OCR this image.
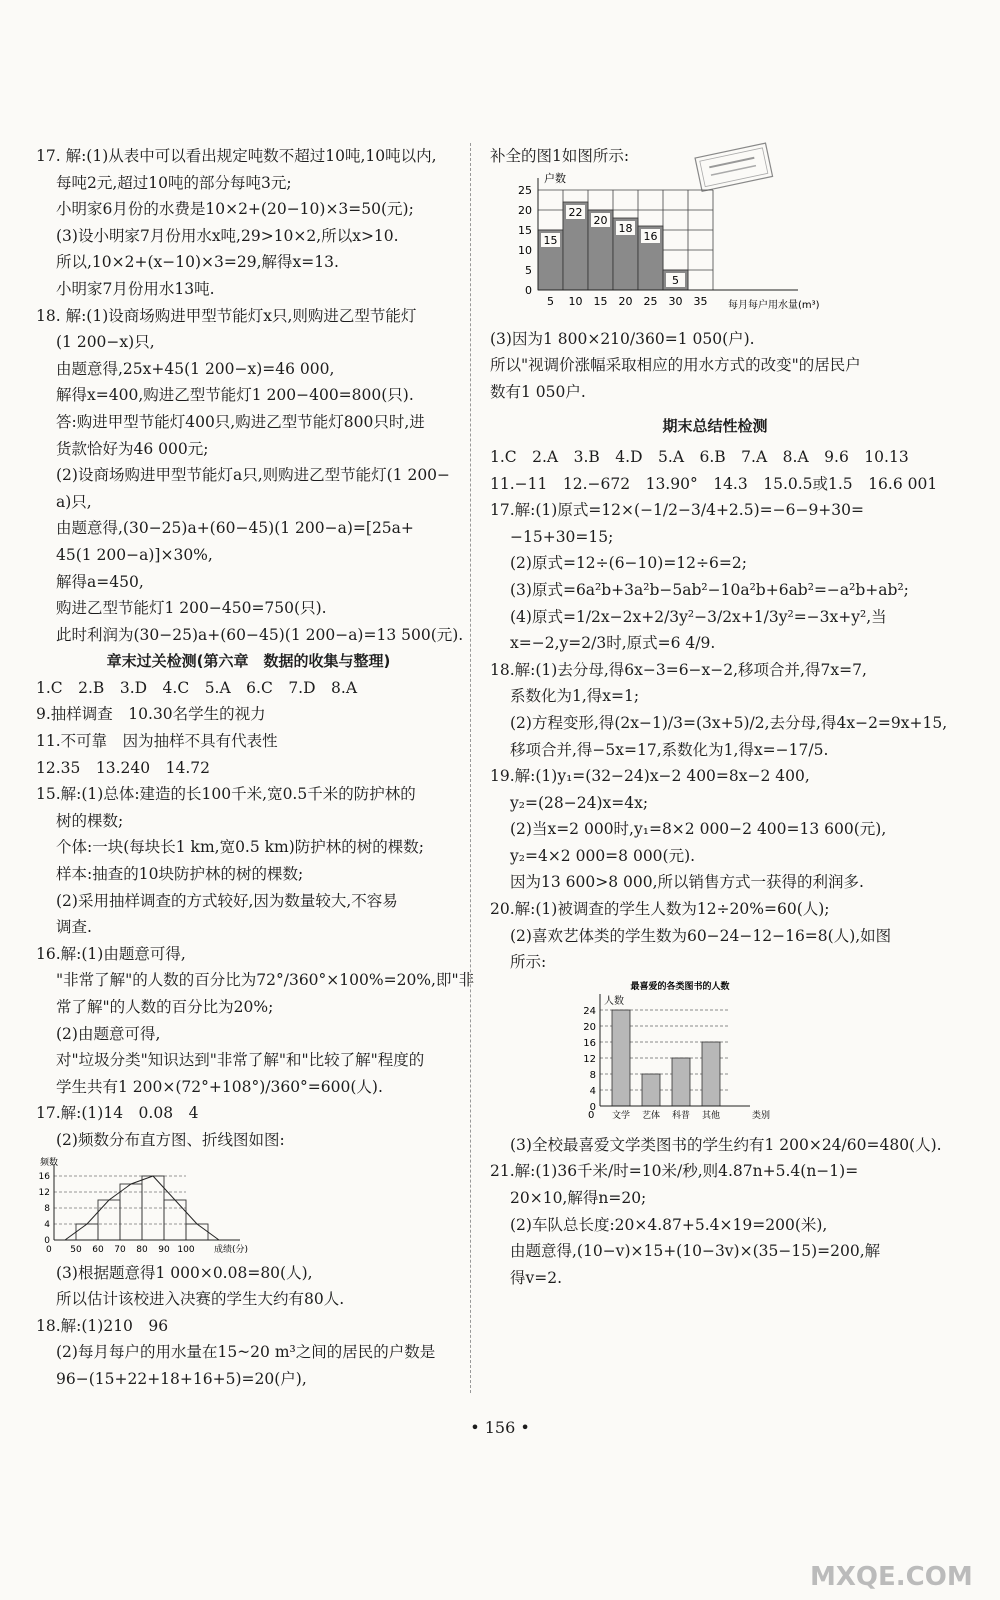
17. 解:(1)从表中可以看出规定吨数不超过10吨,10吨以内,
每吨2元,超过10吨的部分每吨3元;
小明家6月份的水费是10×2+(20−10)×3=50(元);
(3)设小明家7月份用水x吨,29>10×2,所以x>10.
所以,10×2+(x−10)×3=29,解得x=13.
小明家7月份用水13吨.
18. 解:(1)设商场购进甲型节能灯x只,则购进乙型节能灯
(1 200−x)只,
由题意得,25x+45(1 200−x)=46 000,
解得x=400,购进乙型节能灯1 200−400=800(只).
答:购进甲型节能灯400只,购进乙型节能灯800只时,进
货款恰好为46 000元;
(2)设商场购进甲型节能灯a只,则购进乙型节能灯(1 200−
a)只,
由题意得,(30−25)a+(60−45)(1 200−a)=[25a+
45(1 200−a)]×30%,
解得a=450,
购进乙型节能灯1 200−450=750(只).
此时利润为(30−25)a+(60−45)(1 200−a)=13 500(元).
章末过关检测(第六章　数据的收集与整理)
1.C　2.B　3.D　4.C　5.A　6.C　7.D　8.A
9.抽样调查　10.30名学生的视力
11.不可靠　因为抽样不具有代表性
12.35　13.240　14.72
15.解:(1)总体:建造的长100千米,宽0.5千米的防护林的
树的棵数;
个体:一块(每块长1 km,宽0.5 km)防护林的树的棵数;
样本:抽查的10块防护林的树的棵数;
(2)采用抽样调查的方式较好,因为数量较大,不容易
调查.
16.解:(1)由题意可得,
"非常了解"的人数的百分比为72°/360°×100%=20%,即"非
常了解"的人数的百分比为20%;
(2)由题意可得,
对"垃圾分类"知识达到"非常了解"和"比较了解"程度的
学生共有1 200×(72°+108°)/360°=600(人).
17.解:(1)14　0.08　4
(2)频数分布直方图、折线图如图:
频数
0
4
8
12
16
50 60 70 80 90 100
0	成绩(分)
(3)根据题意得1 000×0.08=80(人),
所以估计该校进入决赛的学生大约有80人.
18.解:(1)210　96
(2)每月每户的用水量在15~20 m³之间的居民的户数是
96−(15+22+18+16+5)=20(户),
补全的图1如图所示:
0
5
10
15
20
25
15
22
20
18
16
5
5 10 15 20 25 30 35
户数
每月每户用水量(m³)
(3)因为1 800×210/360=1 050(户).
所以"视调价涨幅采取相应的用水方式的改变"的居民户
数有1 050户.
期末总结性检测
1.C　2.A　3.B　4.D　5.A　6.B　7.A　8.A　9.6　10.13
11.−11　12.−672　13.90°　14.3　15.0.5或1.5　16.6 001
17.解:(1)原式=12×(−1/2−3/4+2.5)=−6−9+30=
−15+30=15;
(2)原式=12÷(6−10)=12÷6=2;
(3)原式=6a²b+3a²b−5ab²−10a²b+6ab²=−a²b+ab²;
(4)原式=1/2x−2x+2/3y²−3/2x+1/3y²=−3x+y²,当
x=−2,y=2/3时,原式=6 4/9.
18.解:(1)去分母,得6x−3=6−x−2,移项合并,得7x=7,
系数化为1,得x=1;
(2)方程变形,得(2x−1)/3=(3x+5)/2,去分母,得4x−2=9x+15,
移项合并,得−5x=17,系数化为1,得x=−17/5.
19.解:(1)y₁=(32−24)x−2 400=8x−2 400,
y₂=(28−24)x=4x;
(2)当x=2 000时,y₁=8×2 000−2 400=13 600(元),
y₂=4×2 000=8 000(元).
因为13 600>8 000,所以销售方式一获得的利润多.
20.解:(1)被调查的学生人数为12÷20%=60(人);
(2)喜欢艺体类的学生数为60−24−12−16=8(人),如图
所示:
最喜爱的各类图书的人数
人数
0
4
8
12
16
20
24
文学 艺体 科普 其他
0	类别
(3)全校最喜爱文学类图书的学生约有1 200×24/60=480(人).
21.解:(1)36千米/时=10米/秒,则4.87n+5.4(n−1)=
20×10,解得n=20;
(2)车队总长度:20×4.87+5.4×19=200(米),
由题意得,(10−v)×15+(10−3v)×(35−15)=200,解
得v=2.
• 156 •
MXQE.COM
